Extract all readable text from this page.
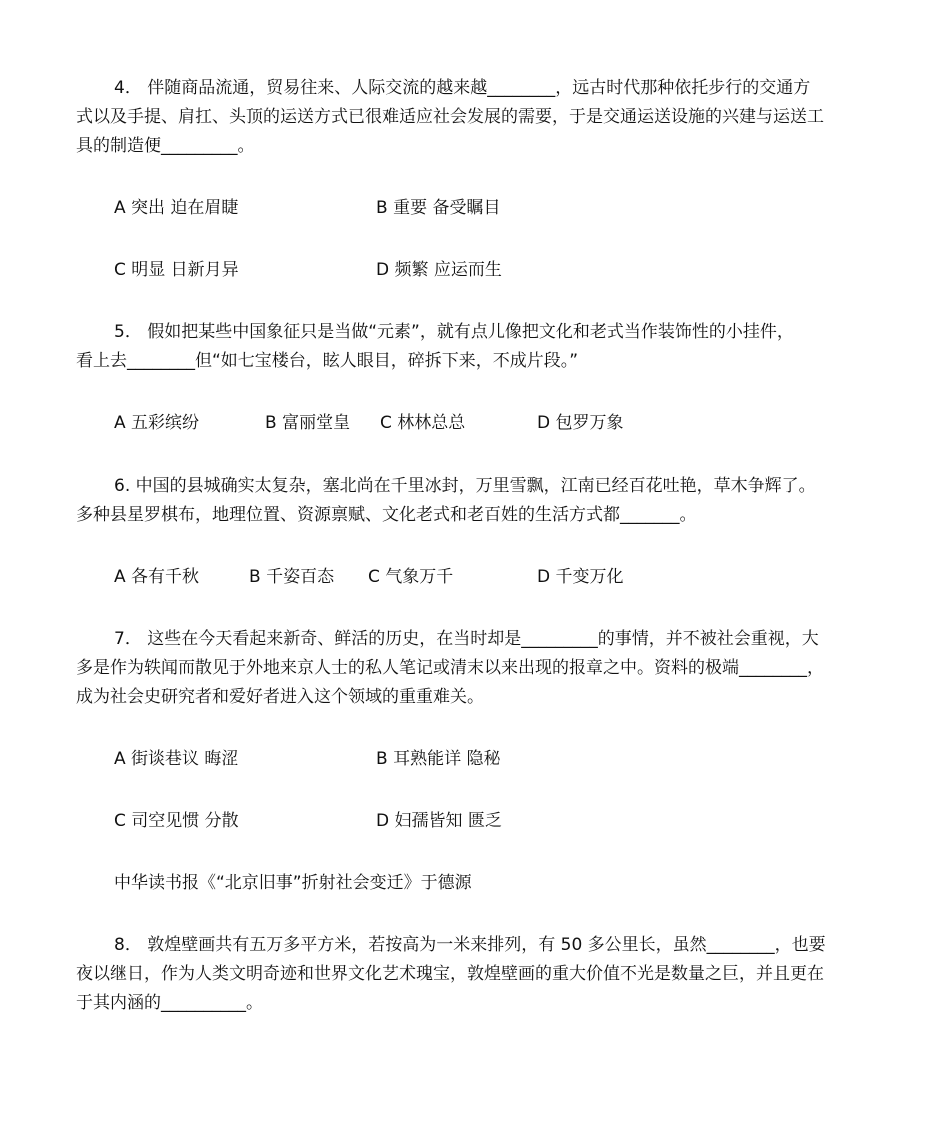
4． 伴随商品流通，贸易往来、人际交流的越来越________，远古时代那种依托步行的交通方
式以及手提、肩扛、头顶的运送方式已很难适应社会发展的需要，于是交通运送设施的兴建与运送工
具的制造便_________。
A 突出 迫在眉睫	B 重要 备受瞩目
C 明显 日新月异	D 频繁 应运而生
5． 假如把某些中国象征只是当做“元素”，就有点儿像把文化和老式当作装饰性的小挂件，
看上去________但“如七宝楼台，眩人眼目，碎拆下来，不成片段。”
A 五彩缤纷	B 富丽堂皇 C 林林总总	D 包罗万象
6. 中国的县城确实太复杂，塞北尚在千里冰封，万里雪飘，江南已经百花吐艳，草木争辉了。
多种县星罗棋布，地理位置、资源禀赋、文化老式和老百姓的生活方式都_______。
A 各有千秋	B 千姿百态 C 气象万千	D 千变万化
7． 这些在今天看起来新奇、鲜活的历史，在当时却是_________的事情，并不被社会重视，大
多是作为轶闻而散见于外地来京人士的私人笔记或清末以来出现的报章之中。资料的极端________，
成为社会史研究者和爱好者进入这个领域的重重难关。
A 街谈巷议 晦涩	B 耳熟能详 隐秘
C 司空见惯 分散	D 妇孺皆知 匮乏
中华读书报《“北京旧事”折射社会变迁》于德源
8． 敦煌壁画共有五万多平方米，若按高为一米来排列，有 50 多公里长，虽然________，也要
夜以继日，作为人类文明奇迹和世界文化艺术瑰宝，敦煌壁画的重大价值不光是数量之巨，并且更在
于其内涵的__________。
